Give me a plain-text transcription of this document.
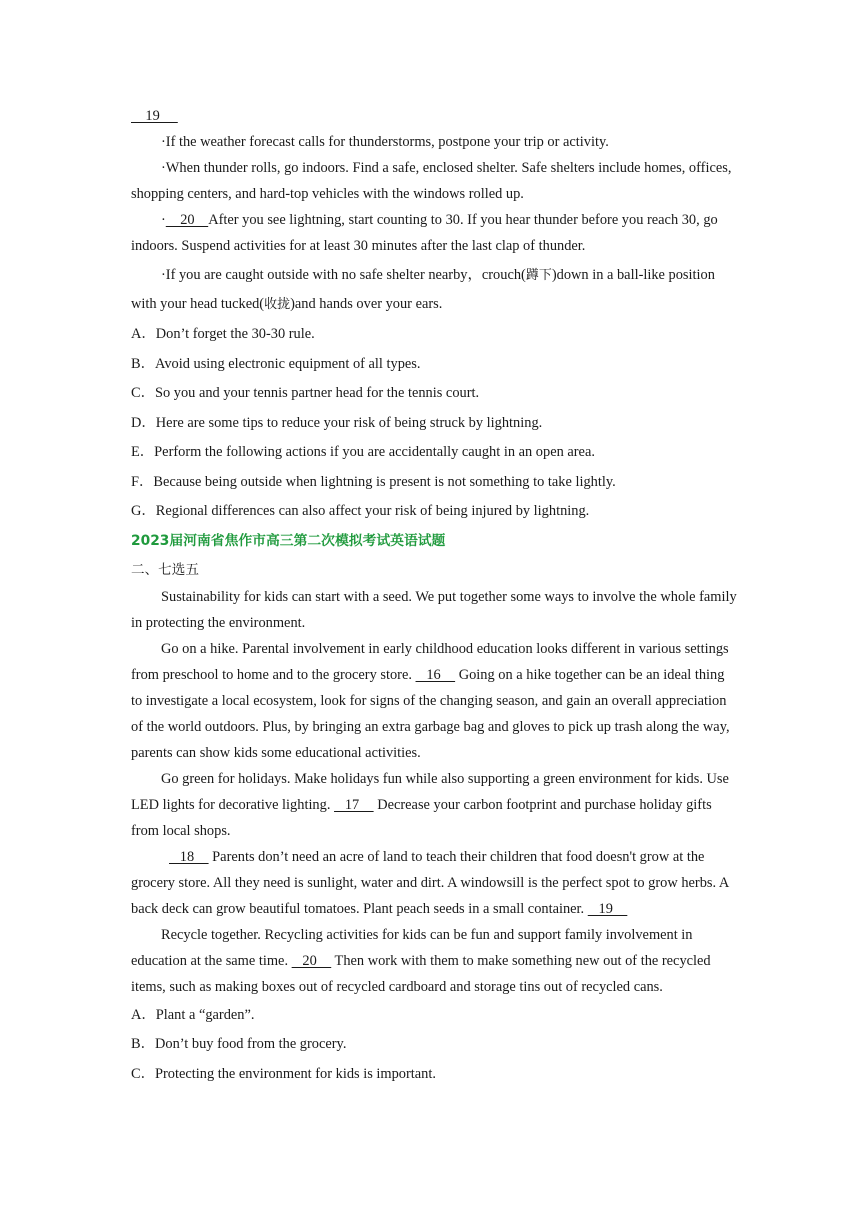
19

·If the weather forecast calls for thunderstorms, postpone your trip or activity.

·When thunder rolls, go indoors. Find a safe, enclosed shelter. Safe shelters include homes, offices, shopping centers, and hard-top vehicles with the windows rolled up.

·    20    After you see lightning, start counting to 30. If you hear thunder before you reach 30, go indoors. Suspend activities for at least 30 minutes after the last clap of thunder.

·If you are caught outside with no safe shelter nearby，crouch(蹲下)down in a ball-like position with your head tucked(收拢)and hands over your ears.

A．Don’t forget the 30-30 rule.

B．Avoid using electronic equipment of all types.

C．So you and your tennis partner head for the tennis court.

D．Here are some tips to reduce your risk of being struck by lightning.

E．Perform the following actions if you are accidentally caught in an open area.

F．Because being outside when lightning is present is not something to take lightly.

G．Regional differences can also affect your risk of being injured by lightning.

2023届河南省焦作市高三第二次模拟考试英语试题

二、七选五

Sustainability for kids can start with a seed. We put together some ways to involve the whole family in protecting the environment.

Go on a hike. Parental involvement in early childhood education looks different in various settings from preschool to home and to the grocery store.    16     Going on a hike together can be an ideal thing to investigate a local ecosystem, look for signs of the changing season, and gain an overall appreciation of the world outdoors. Plus, by bringing an extra garbage bag and gloves to pick up trash along the way, parents can show kids some educational activities.

Go green for holidays. Make holidays fun while also supporting a green environment for kids. Use LED lights for decorative lighting.    17     Decrease your carbon footprint and purchase holiday gifts from local shops.

18     Parents don’t need an acre of land to teach their children that food doesn't grow at the grocery store. All they need is sunlight, water and dirt. A windowsill is the perfect spot to grow herbs. A back deck can grow beautiful tomatoes. Plant peach seeds in a small container.    19

Recycle together. Recycling activities for kids can be fun and support family involvement in education at the same time.    20     Then work with them to make something new out of the recycled items, such as making boxes out of recycled cardboard and storage tins out of recycled cans.

A．Plant a “garden”.

B．Don’t buy food from the grocery.

C．Protecting the environment for kids is important.
